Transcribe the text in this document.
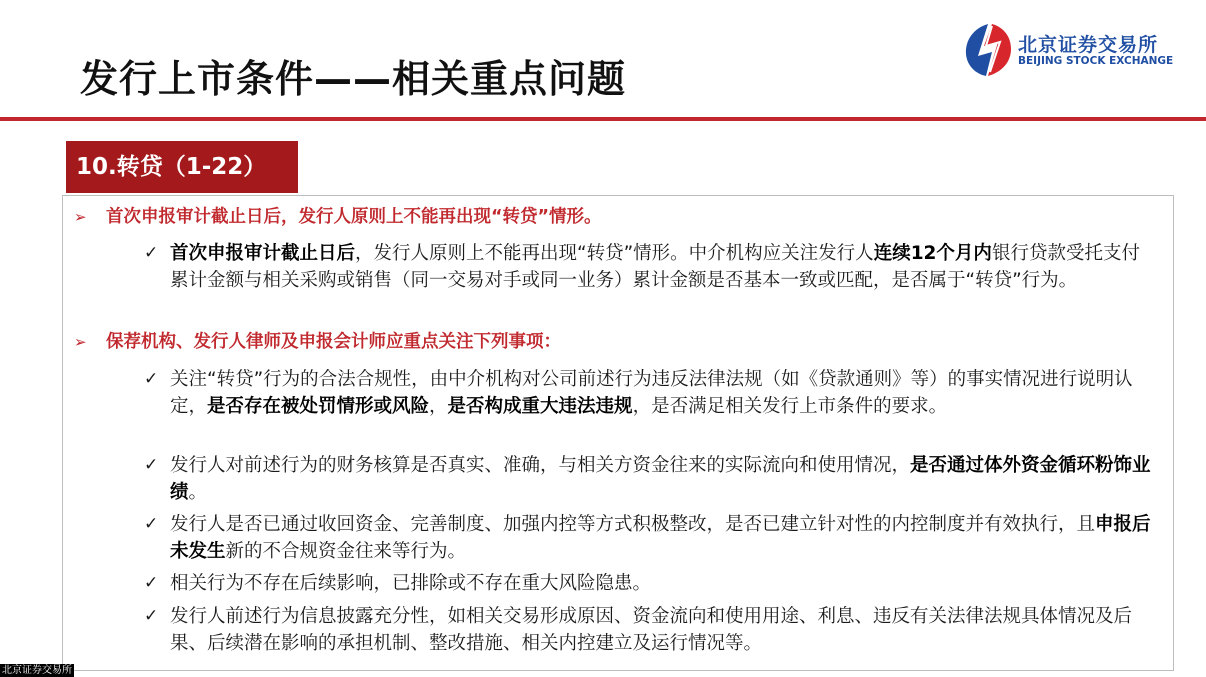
发行上市条件——相关重点问题
北京证券交易所
BEIJING STOCK EXCHANGE
10.转贷（1-22）
➢ 首次申报审计截止日后，发行人原则上不能再出现“转贷”情形。
✓ 首次申报审计截止日后，发行人原则上不能再出现“转贷”情形。中介机构应关注发行人连续12个月内银行贷款受托支付累计金额与相关采购或销售（同一交易对手或同一业务）累计金额是否基本一致或匹配，是否属于“转贷”行为。
➢ 保荐机构、发行人律师及申报会计师应重点关注下列事项：
✓ 关注“转贷”行为的合法合规性，由中介机构对公司前述行为违反法律法规（如《贷款通则》等）的事实情况进行说明认定，是否存在被处罚情形或风险，是否构成重大违法违规，是否满足相关发行上市条件的要求。
✓ 发行人对前述行为的财务核算是否真实、准确，与相关方资金往来的实际流向和使用情况，是否通过体外资金循环粉饰业绩。
✓ 发行人是否已通过收回资金、完善制度、加强内控等方式积极整改，是否已建立针对性的内控制度并有效执行，且申报后未发生新的不合规资金往来等行为。
✓ 相关行为不存在后续影响，已排除或不存在重大风险隐患。
✓ 发行人前述行为信息披露充分性，如相关交易形成原因、资金流向和使用用途、利息、违反有关法律法规具体情况及后果、后续潜在影响的承担机制、整改措施、相关内控建立及运行情况等。
北京证券交易所
